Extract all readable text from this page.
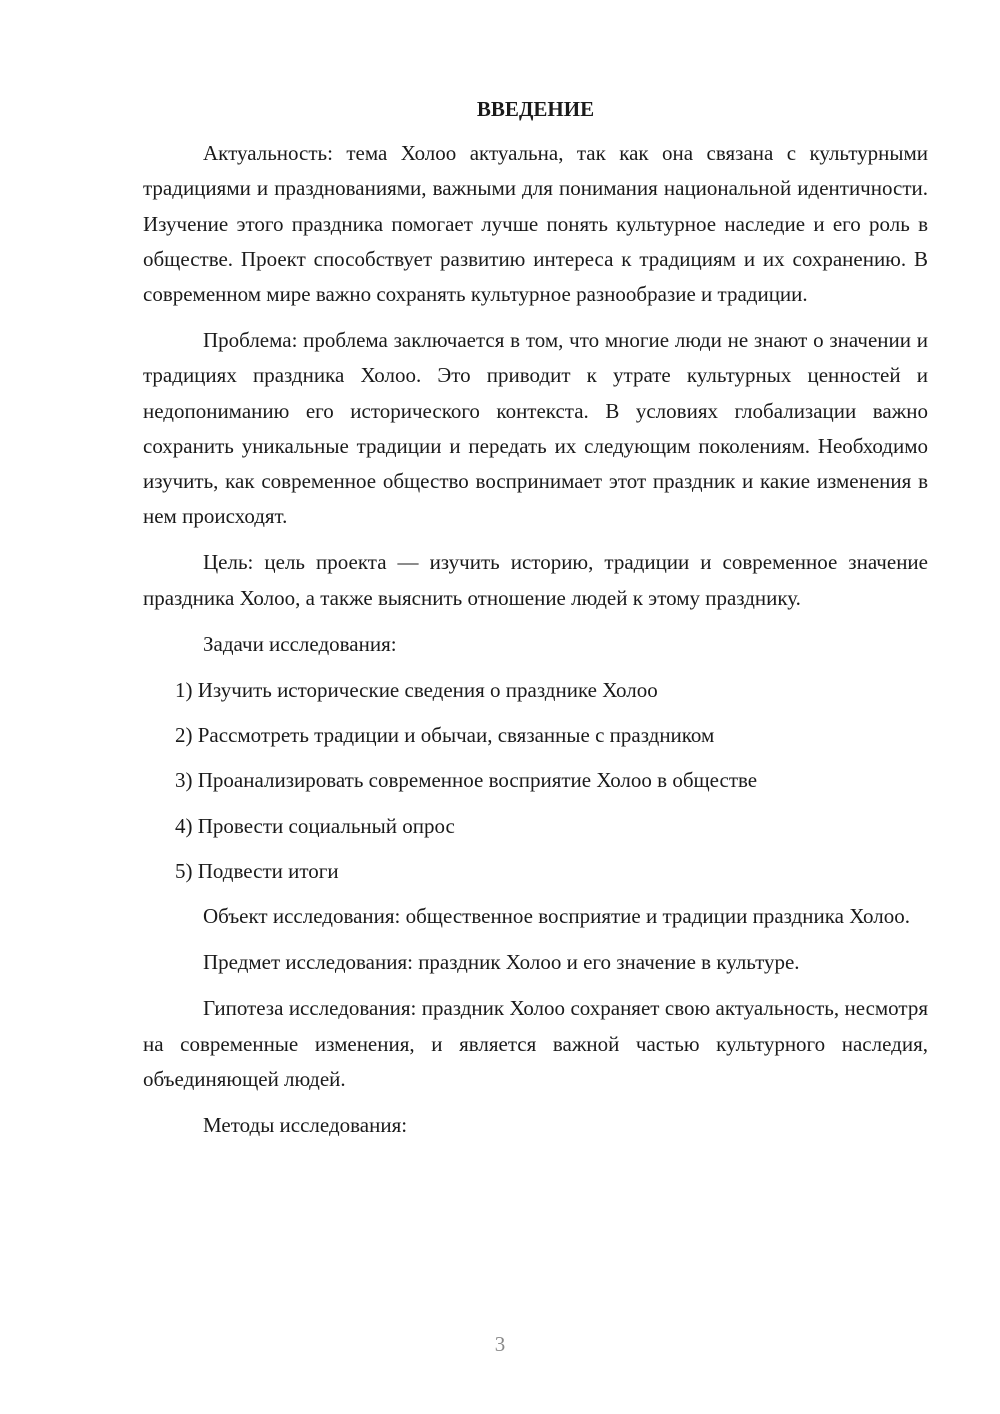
ВВЕДЕНИЕ

Актуальность: тема Холоо актуальна, так как она связана с культурными традициями и празднованиями, важными для понимания национальной идентичности. Изучение этого праздника помогает лучше понять культурное наследие и его роль в обществе. Проект способствует развитию интереса к традициям и их сохранению. В современном мире важно сохранять культурное разнообразие и традиции.

Проблема: проблема заключается в том, что многие люди не знают о значении и традициях праздника Холоо. Это приводит к утрате культурных ценностей и недопониманию его исторического контекста. В условиях глобализации важно сохранить уникальные традиции и передать их следующим поколениям. Необходимо изучить, как современное общество воспринимает этот праздник и какие изменения в нем происходят.

Цель: цель проекта — изучить историю, традиции и современное значение праздника Холоо, а также выяснить отношение людей к этому празднику.

Задачи исследования:

1) Изучить исторические сведения о празднике Холоо
2) Рассмотреть традиции и обычаи, связанные с праздником
3) Проанализировать современное восприятие Холоо в обществе
4) Провести социальный опрос
5) Подвести итоги

Объект исследования: общественное восприятие и традиции праздника Холоо.

Предмет исследования: праздник Холоо и его значение в культуре.

Гипотеза исследования: праздник Холоо сохраняет свою актуальность, несмотря на современные изменения, и является важной частью культурного наследия, объединяющей людей.

Методы исследования:

3
